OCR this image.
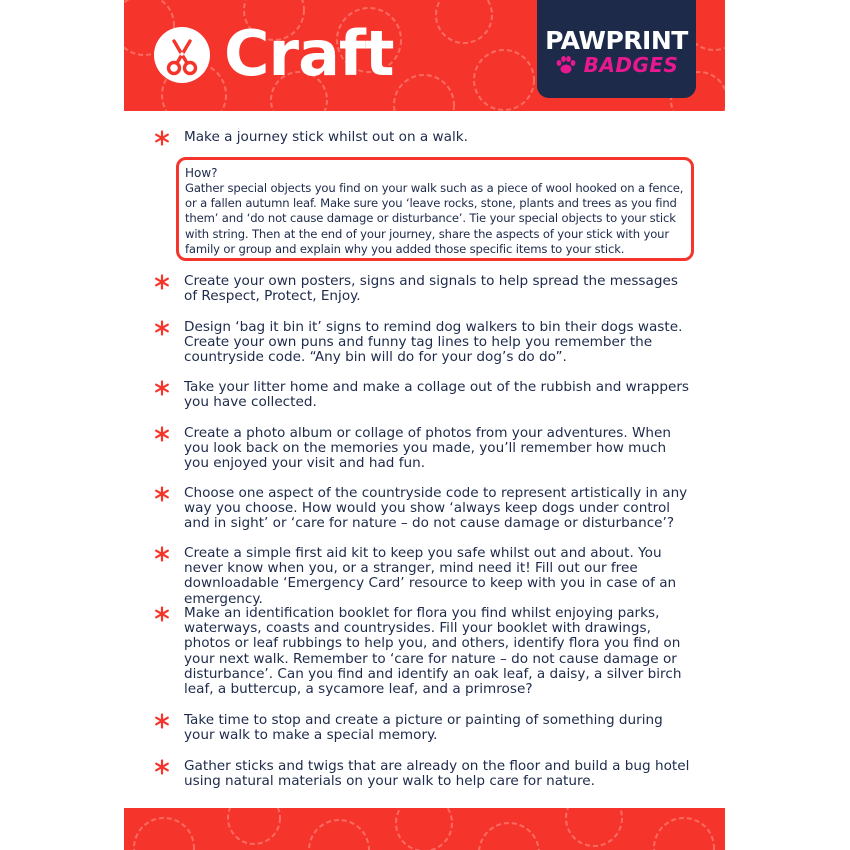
Craft	PAWPRINT
BADGES
Make a journey stick whilst out on a walk.
How?
Gather special objects you find on your walk such as a piece of wool hooked on a fence, or a fallen autumn leaf. Make sure you ‘leave rocks, stone, plants and trees as you find them’ and ‘do not cause damage or disturbance’. Tie your special objects to your stick with string. Then at the end of your journey, share the aspects of your stick with your family or group and explain why you added those specific items to your stick.
Create your own posters, signs and signals to help spread the messages of Respect, Protect, Enjoy.
Design ‘bag it bin it’ signs to remind dog walkers to bin their dogs waste. Create your own puns and funny tag lines to help you remember the countryside code. “Any bin will do for your dog’s do do”.
Take your litter home and make a collage out of the rubbish and wrappers you have collected.
Create a photo album or collage of photos from your adventures. When you look back on the memories you made, you’ll remember how much you enjoyed your visit and had fun.
Choose one aspect of the countryside code to represent artistically in any way you choose. How would you show ‘always keep dogs under control and in sight’ or ‘care for nature – do not cause damage or disturbance’?
Create a simple first aid kit to keep you safe whilst out and about. You never know when you, or a stranger, mind need it! Fill out our free downloadable ‘Emergency Card’ resource to keep with you in case of an emergency.
Make an identification booklet for flora you find whilst enjoying parks, waterways, coasts and countrysides. Fill your booklet with drawings, photos or leaf rubbings to help you, and others, identify flora you find on your next walk. Remember to ‘care for nature – do not cause damage or disturbance’. Can you find and identify an oak leaf, a daisy, a silver birch leaf, a buttercup, a sycamore leaf, and a primrose?
Take time to stop and create a picture or painting of something during your walk to make a special memory.
Gather sticks and twigs that are already on the floor and build a bug hotel using natural materials on your walk to help care for nature.
